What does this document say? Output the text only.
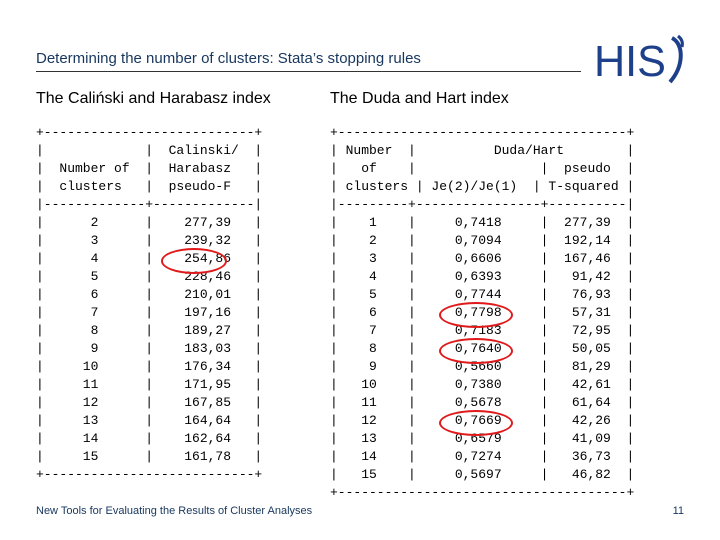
Determining the number of clusters: Stata’s stopping rules	HIS
The Caliński and Harabasz index	The Duda and Hart index
+---------------------------+
|             |  Calinski/  |
|  Number of  |  Harabasz   |
|  clusters   |  pseudo-F   |
|-------------+-------------|
|      2      |    277,39   |
|      3      |    239,32   |
|      4      |    254,86   |
|      5      |    228,46   |
|      6      |    210,01   |
|      7      |    197,16   |
|      8      |    189,27   |
|      9      |    183,03   |
|     10      |    176,34   |
|     11      |    171,95   |
|     12      |    167,85   |
|     13      |    164,64   |
|     14      |    162,64   |
|     15      |    161,78   |
+---------------------------+

+-------------------------------------+
| Number  |          Duda/Hart        |
|   of    |                |  pseudo  |
| clusters | Je(2)/Je(1)  | T-squared |
|---------+----------------+----------|
|    1    |     0,7418     |  277,39  |
|    2    |     0,7094     |  192,14  |
|    3    |     0,6606     |  167,46  |
|    4    |     0,6393     |   91,42  |
|    5    |     0,7744     |   76,93  |
|    6    |     0,7798     |   57,31  |
|    7    |     0,7183     |   72,95  |
|    8    |     0,7640     |   50,05  |
|    9    |     0,5660     |   81,29  |
|   10    |     0,7380     |   42,61  |
|   11    |     0,5678     |   61,64  |
|   12    |     0,7669     |   42,26  |
|   13    |     0,6579     |   41,09  |
|   14    |     0,7274     |   36,73  |
|   15    |     0,5697     |   46,82  |
+-------------------------------------+

New Tools for Evaluating the Results of Cluster Analyses	11
